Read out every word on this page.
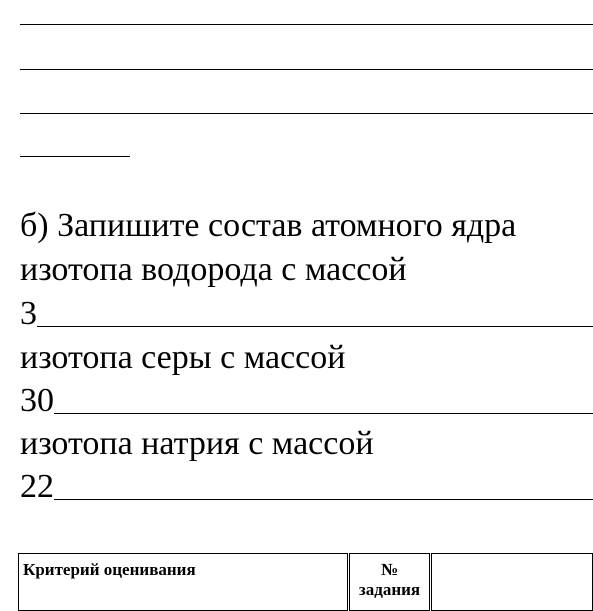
б) Запишите состав атомного ядра
изотопа водорода с массой
3
изотопа серы с массой
30
изотопа натрия с массой
22
Критерий оценивания	№
задания	
